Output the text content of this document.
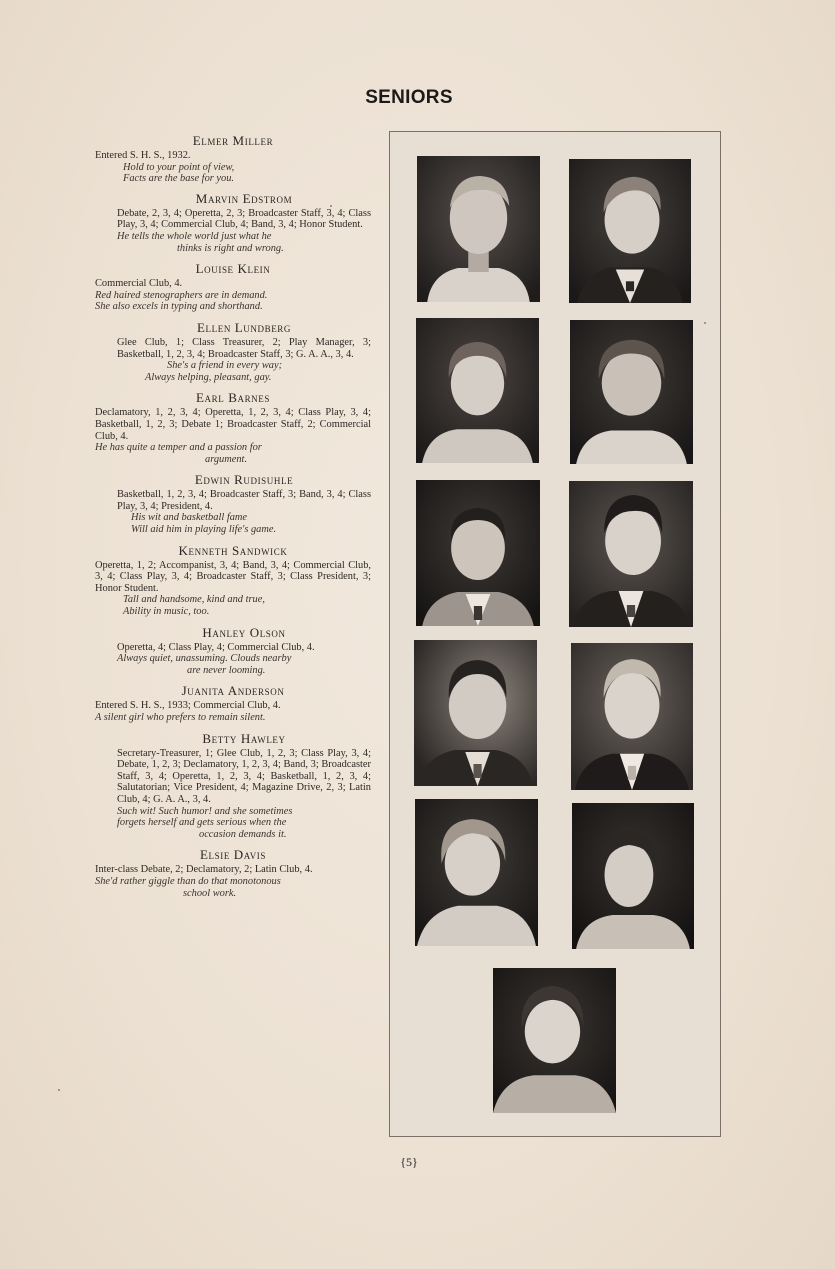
SENIORS
Elmer Miller
Entered S. H. S., 1932.
Hold to your point of view,
Facts are the base for you.
Marvin Edstrom
Debate, 2, 3, 4; Operetta, 2, 3; Broadcaster Staff, 3, 4; Class Play, 3, 4; Commercial Club, 4; Band, 3, 4; Honor Student.
He tells the whole world just what he
thinks is right and wrong.
Louise Klein
Commercial Club, 4.
Red haired stenographers are in demand.
She also excels in typing and shorthand.
Ellen Lundberg
Glee Club, 1; Class Treasurer, 2; Play Manager, 3; Basketball, 1, 2, 3, 4; Broadcaster Staff, 3; G. A. A., 3, 4.
She's a friend in every way;
Always helping, pleasant, gay.
Earl Barnes
Declamatory, 1, 2, 3, 4; Operetta, 1, 2, 3, 4; Class Play, 3, 4; Basketball, 1, 2, 3; Debate 1; Broadcaster Staff, 2; Commercial Club, 4.
He has quite a temper and a passion for
argument.
Edwin Rudisuhle
Basketball, 1, 2, 3, 4; Broadcaster Staff, 3; Band, 3, 4; Class Play, 3, 4; President, 4.
His wit and basketball fame
Will aid him in playing life's game.
Kenneth Sandwick
Operetta, 1, 2; Accompanist, 3, 4; Band, 3, 4; Commercial Club, 3, 4; Class Play, 3, 4; Broadcaster Staff, 3; Class President, 3; Honor Student.
Tall and handsome, kind and true,
Ability in music, too.
Hanley Olson
Operetta, 4; Class Play, 4; Commercial Club, 4.
Always quiet, unassuming. Clouds nearby
are never looming.
Juanita Anderson
Entered S. H. S., 1933; Commercial Club, 4.
A silent girl who prefers to remain silent.
Betty Hawley
Secretary-Treasurer, 1; Glee Club, 1, 2, 3; Class Play, 3, 4; Debate, 1, 2, 3; Declamatory, 1, 2, 3, 4; Band, 3; Broadcaster Staff, 3, 4; Operetta, 1, 2, 3, 4; Basketball, 1, 2, 3, 4; Salutatorian; Vice President, 4; Magazine Drive, 2, 3; Latin Club, 4; G. A. A., 3, 4.
Such wit! Such humor! and she sometimes
forgets herself and gets serious when the
occasion demands it.
Elsie Davis
Inter-class Debate, 2; Declamatory, 2; Latin Club, 4.
She'd rather giggle than do that monotonous
school work.
{5}
